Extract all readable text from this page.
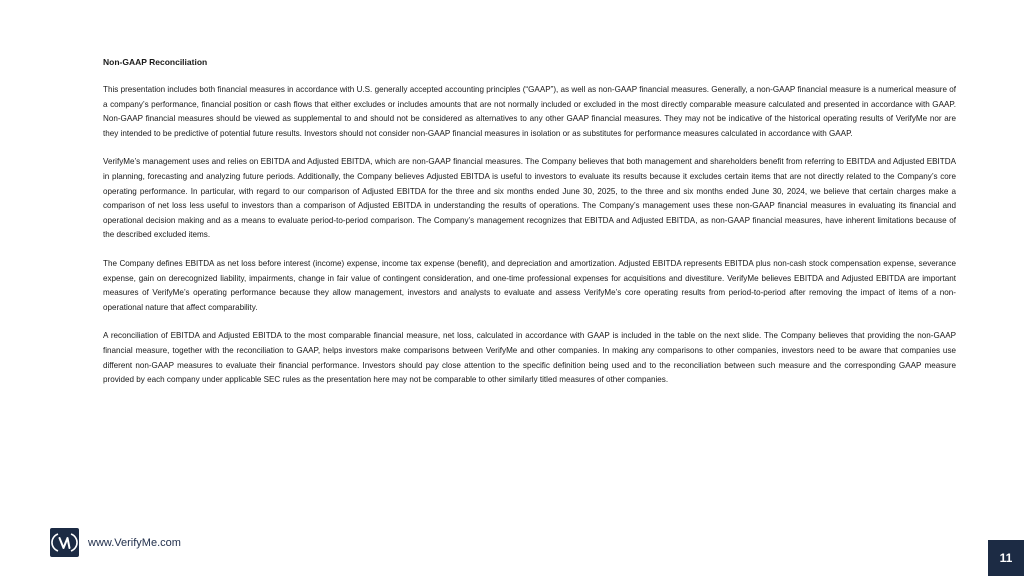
Non-GAAP Reconciliation

This presentation includes both financial measures in accordance with U.S. generally accepted accounting principles (“GAAP”), as well as non-GAAP financial measures. Generally, a non-GAAP financial measure is a numerical measure of a company’s performance, financial position or cash flows that either excludes or includes amounts that are not normally included or excluded in the most directly comparable measure calculated and presented in accordance with GAAP. Non-GAAP financial measures should be viewed as supplemental to and should not be considered as alternatives to any other GAAP financial measures. They may not be indicative of the historical operating results of VerifyMe nor are they intended to be predictive of potential future results. Investors should not consider non-GAAP financial measures in isolation or as substitutes for performance measures calculated in accordance with GAAP.

VerifyMe’s management uses and relies on EBITDA and Adjusted EBITDA, which are non-GAAP financial measures. The Company believes that both management and shareholders benefit from referring to EBITDA and Adjusted EBITDA in planning, forecasting and analyzing future periods. Additionally, the Company believes Adjusted EBITDA is useful to investors to evaluate its results because it excludes certain items that are not directly related to the Company’s core operating performance. In particular, with regard to our comparison of Adjusted EBITDA for the three and six months ended June 30, 2025, to the three and six months ended June 30, 2024, we believe that certain charges make a comparison of net loss less useful to investors than a comparison of Adjusted EBITDA in understanding the results of operations. The Company’s management uses these non-GAAP financial measures in evaluating its financial and operational decision making and as a means to evaluate period-to-period comparison. The Company’s management recognizes that EBITDA and Adjusted EBITDA, as non-GAAP financial measures, have inherent limitations because of the described excluded items.

The Company defines EBITDA as net loss before interest (income) expense, income tax expense (benefit), and depreciation and amortization. Adjusted EBITDA represents EBITDA plus non-cash stock compensation expense, severance expense, gain on derecognized liability, impairments, change in fair value of contingent consideration, and one-time professional expenses for acquisitions and divestiture. VerifyMe believes EBITDA and Adjusted EBITDA are important measures of VerifyMe’s operating performance because they allow management, investors and analysts to evaluate and assess VerifyMe’s core operating results from period-to-period after removing the impact of items of a non-operational nature that affect comparability.

A reconciliation of EBITDA and Adjusted EBITDA to the most comparable financial measure, net loss, calculated in accordance with GAAP is included in the table on the next slide. The Company believes that providing the non-GAAP financial measure, together with the reconciliation to GAAP, helps investors make comparisons between VerifyMe and other companies. In making any comparisons to other companies, investors need to be aware that companies use different non-GAAP measures to evaluate their financial performance. Investors should pay close attention to the specific definition being used and to the reconciliation between such measure and the corresponding GAAP measure provided by each company under applicable SEC rules as the presentation here may not be comparable to other similarly titled measures of other companies.

www.VerifyMe.com
11
